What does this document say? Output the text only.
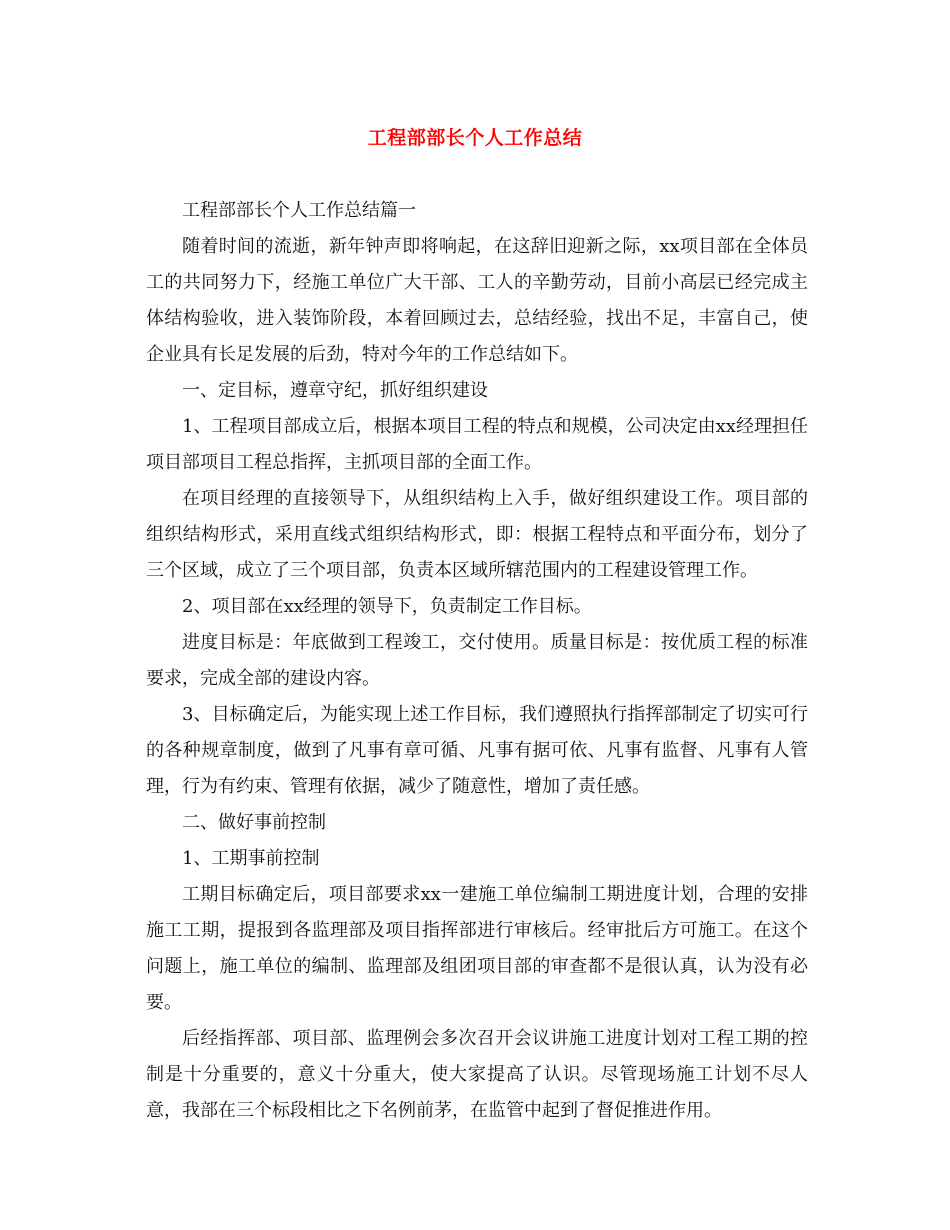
工程部部长个人工作总结

工程部部长个人工作总结篇一

随着时间的流逝，新年钟声即将响起，在这辞旧迎新之际，xx项目部在全体员工的共同努力下，经施工单位广大干部、工人的辛勤劳动，目前小高层已经完成主体结构验收，进入装饰阶段，本着回顾过去，总结经验，找出不足，丰富自己，使企业具有长足发展的后劲，特对今年的工作总结如下。

一、定目标，遵章守纪，抓好组织建设

1、工程项目部成立后，根据本项目工程的特点和规模，公司决定由xx经理担任项目部项目工程总指挥，主抓项目部的全面工作。

在项目经理的直接领导下，从组织结构上入手，做好组织建设工作。项目部的组织结构形式，采用直线式组织结构形式，即：根据工程特点和平面分布，划分了三个区域，成立了三个项目部，负责本区域所辖范围内的工程建设管理工作。

2、项目部在xx经理的领导下，负责制定工作目标。

进度目标是：年底做到工程竣工，交付使用。质量目标是：按优质工程的标准要求，完成全部的建设内容。

3、目标确定后，为能实现上述工作目标，我们遵照执行指挥部制定了切实可行的各种规章制度，做到了凡事有章可循、凡事有据可依、凡事有监督、凡事有人管理，行为有约束、管理有依据，减少了随意性，增加了责任感。

二、做好事前控制

1、工期事前控制

工期目标确定后，项目部要求xx一建施工单位编制工期进度计划，合理的安排施工工期，提报到各监理部及项目指挥部进行审核后。经审批后方可施工。在这个问题上，施工单位的编制、监理部及组团项目部的审查都不是很认真，认为没有必要。

后经指挥部、项目部、监理例会多次召开会议讲施工进度计划对工程工期的控制是十分重要的，意义十分重大，使大家提高了认识。尽管现场施工计划不尽人意，我部在三个标段相比之下名例前茅，在监管中起到了督促推进作用。
